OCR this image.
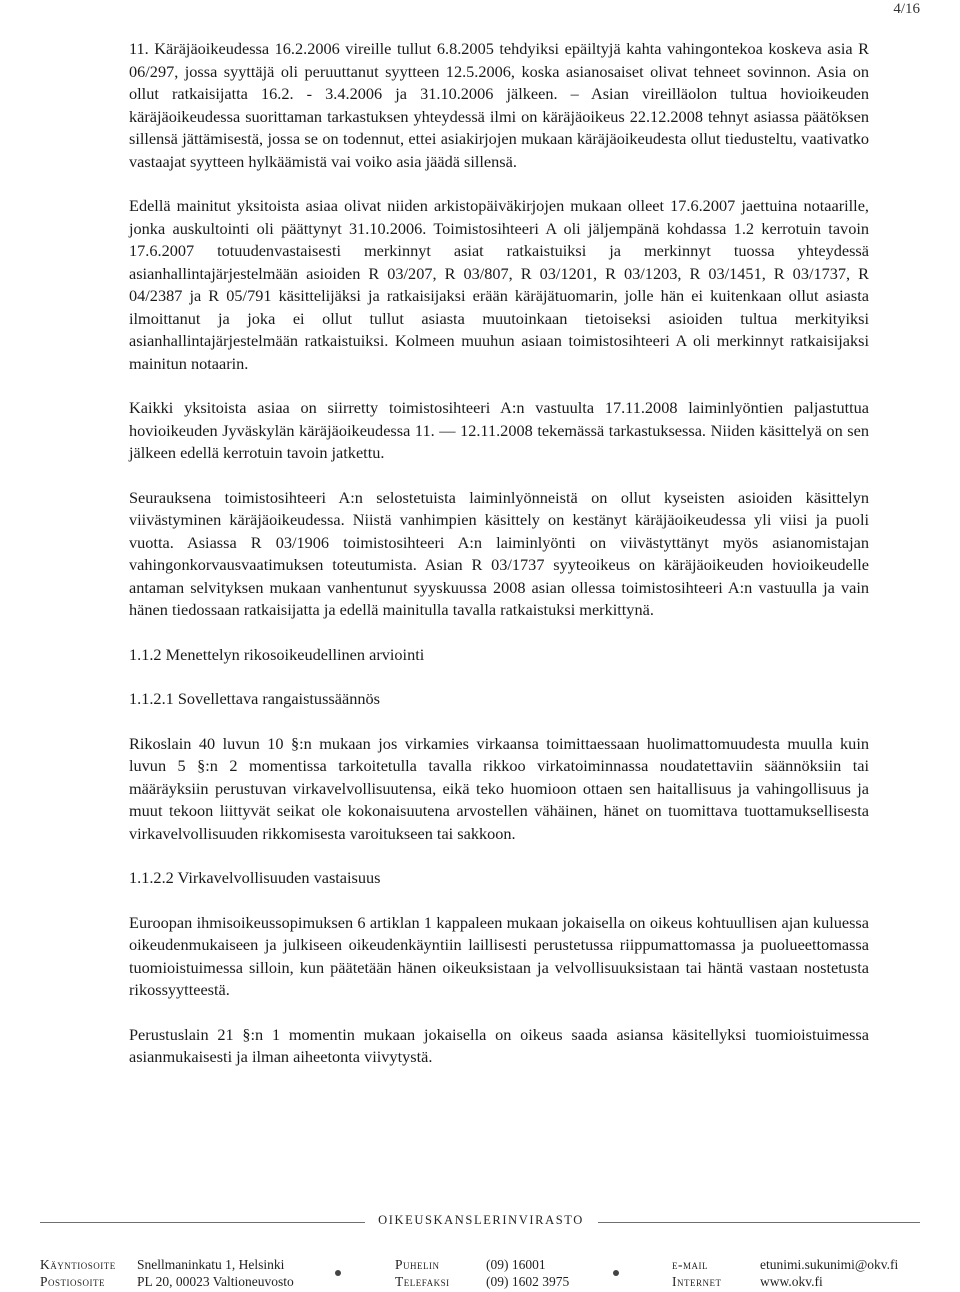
4/16

11. Käräjäoikeudessa 16.2.2006 vireille tullut 6.8.2005 tehdyiksi epäiltyjä kahta vahingontekoa koskeva asia R 06/297, jossa syyttäjä oli peruuttanut syytteen 12.5.2006, koska asianosaiset olivat tehneet sovinnon. Asia on ollut ratkaisijatta 16.2. - 3.4.2006 ja 31.10.2006 jälkeen. – Asian vireilläolon tultua hovioikeuden käräjäoikeudessa suorittaman tarkastuksen yhteydessä ilmi on käräjäoikeus 22.12.2008 tehnyt asiassa päätöksen sillensä jättämisestä, jossa se on todennut, ettei asiakirjojen mukaan käräjäoikeudesta ollut tiedusteltu, vaativatko vastaajat syytteen hylkäämistä vai voiko asia jäädä sillensä.

Edellä mainitut yksitoista asiaa olivat niiden arkistopäiväkirjojen mukaan olleet 17.6.2007 jaettuina notaarille, jonka auskultointi oli päättynyt 31.10.2006. Toimistosihteeri A oli jäljempänä kohdassa 1.2 kerrotuin tavoin 17.6.2007 totuudenvastaisesti merkinnyt asiat ratkaistuiksi ja merkinnyt tuossa yhteydessä asianhallintajärjestelmään asioiden R 03/207, R 03/807, R 03/1201, R 03/1203, R 03/1451, R 03/1737, R 04/2387 ja R 05/791 käsittelijäksi ja ratkaisijaksi erään käräjätuomarin, jolle hän ei kuitenkaan ollut asiasta ilmoittanut ja joka ei ollut tullut asiasta muutoinkaan tietoiseksi asioiden tultua merkityiksi asianhallintajärjestelmään ratkaistuiksi. Kolmeen muuhun asiaan toimistosihteeri A oli merkinnyt ratkaisijaksi mainitun notaarin.

Kaikki yksitoista asiaa on siirretty toimistosihteeri A:n vastuulta 17.11.2008 laiminlyöntien paljastuttua hovioikeuden Jyväskylän käräjäoikeudessa 11. — 12.11.2008 tekemässä tarkastuksessa. Niiden käsittelyä on sen jälkeen edellä kerrotuin tavoin jatkettu.

Seurauksena toimistosihteeri A:n selostetuista laiminlyönneistä on ollut kyseisten asioiden käsittelyn viivästyminen käräjäoikeudessa. Niistä vanhimpien käsittely on kestänyt käräjäoikeudessa yli viisi ja puoli vuotta. Asiassa R 03/1906 toimistosihteeri A:n laiminlyönti on viivästyttänyt myös asianomistajan vahingonkorvausvaatimuksen toteutumista. Asian R 03/1737 syyteoikeus on käräjäoikeuden hovioikeudelle antaman selvityksen mukaan vanhentunut syyskuussa 2008 asian ollessa toimistosihteeri A:n vastuulla ja vain hänen tiedossaan ratkaisijatta ja edellä mainitulla tavalla ratkaistuksi merkittynä.

1.1.2 Menettelyn rikosoikeudellinen arviointi
1.1.2.1 Sovellettava rangaistussäännös

Rikoslain 40 luvun 10 §:n mukaan jos virkamies virkaansa toimittaessaan huolimattomuudesta muulla kuin luvun 5 §:n 2 momentissa tarkoitetulla tavalla rikkoo virkatoiminnassa noudatettaviin säännöksiin tai määräyksiin perustuvan virkavelvollisuutensa, eikä teko huomioon ottaen sen haitallisuus ja vahingollisuus ja muut tekoon liittyvät seikat ole kokonaisuutena arvostellen vähäinen, hänet on tuomittava tuottamuksellisesta virkavelvollisuuden rikkomisesta varoitukseen tai sakkoon.

1.1.2.2 Virkavelvollisuuden vastaisuus

Euroopan ihmisoikeussopimuksen 6 artiklan 1 kappaleen mukaan jokaisella on oikeus kohtuullisen ajan kuluessa oikeudenmukaiseen ja julkiseen oikeudenkäyntiin laillisesti perustetussa riippumattomassa ja puolueettomassa tuomioistuimessa silloin, kun päätetään hänen oikeuksistaan ja velvollisuuksistaan tai häntä vastaan nostetusta rikossyytteestä.

Perustuslain 21 §:n 1 momentin mukaan jokaisella on oikeus saada asiansa käsitellyksi tuomioistuimessa asianmukaisesti ja ilman aiheetonta viivytystä.

OIKEUSKANSLERINVIRASTO
Käyntiosoite Snellmaninkatu 1, Helsinki	Puhelin	(09) 16001	e-mail	etunimi.sukunimi@okv.fi
Postiosoite PL 20, 00023 Valtioneuvosto	Telefaksi	(09) 1602 3975	Internet	www.okv.fi
